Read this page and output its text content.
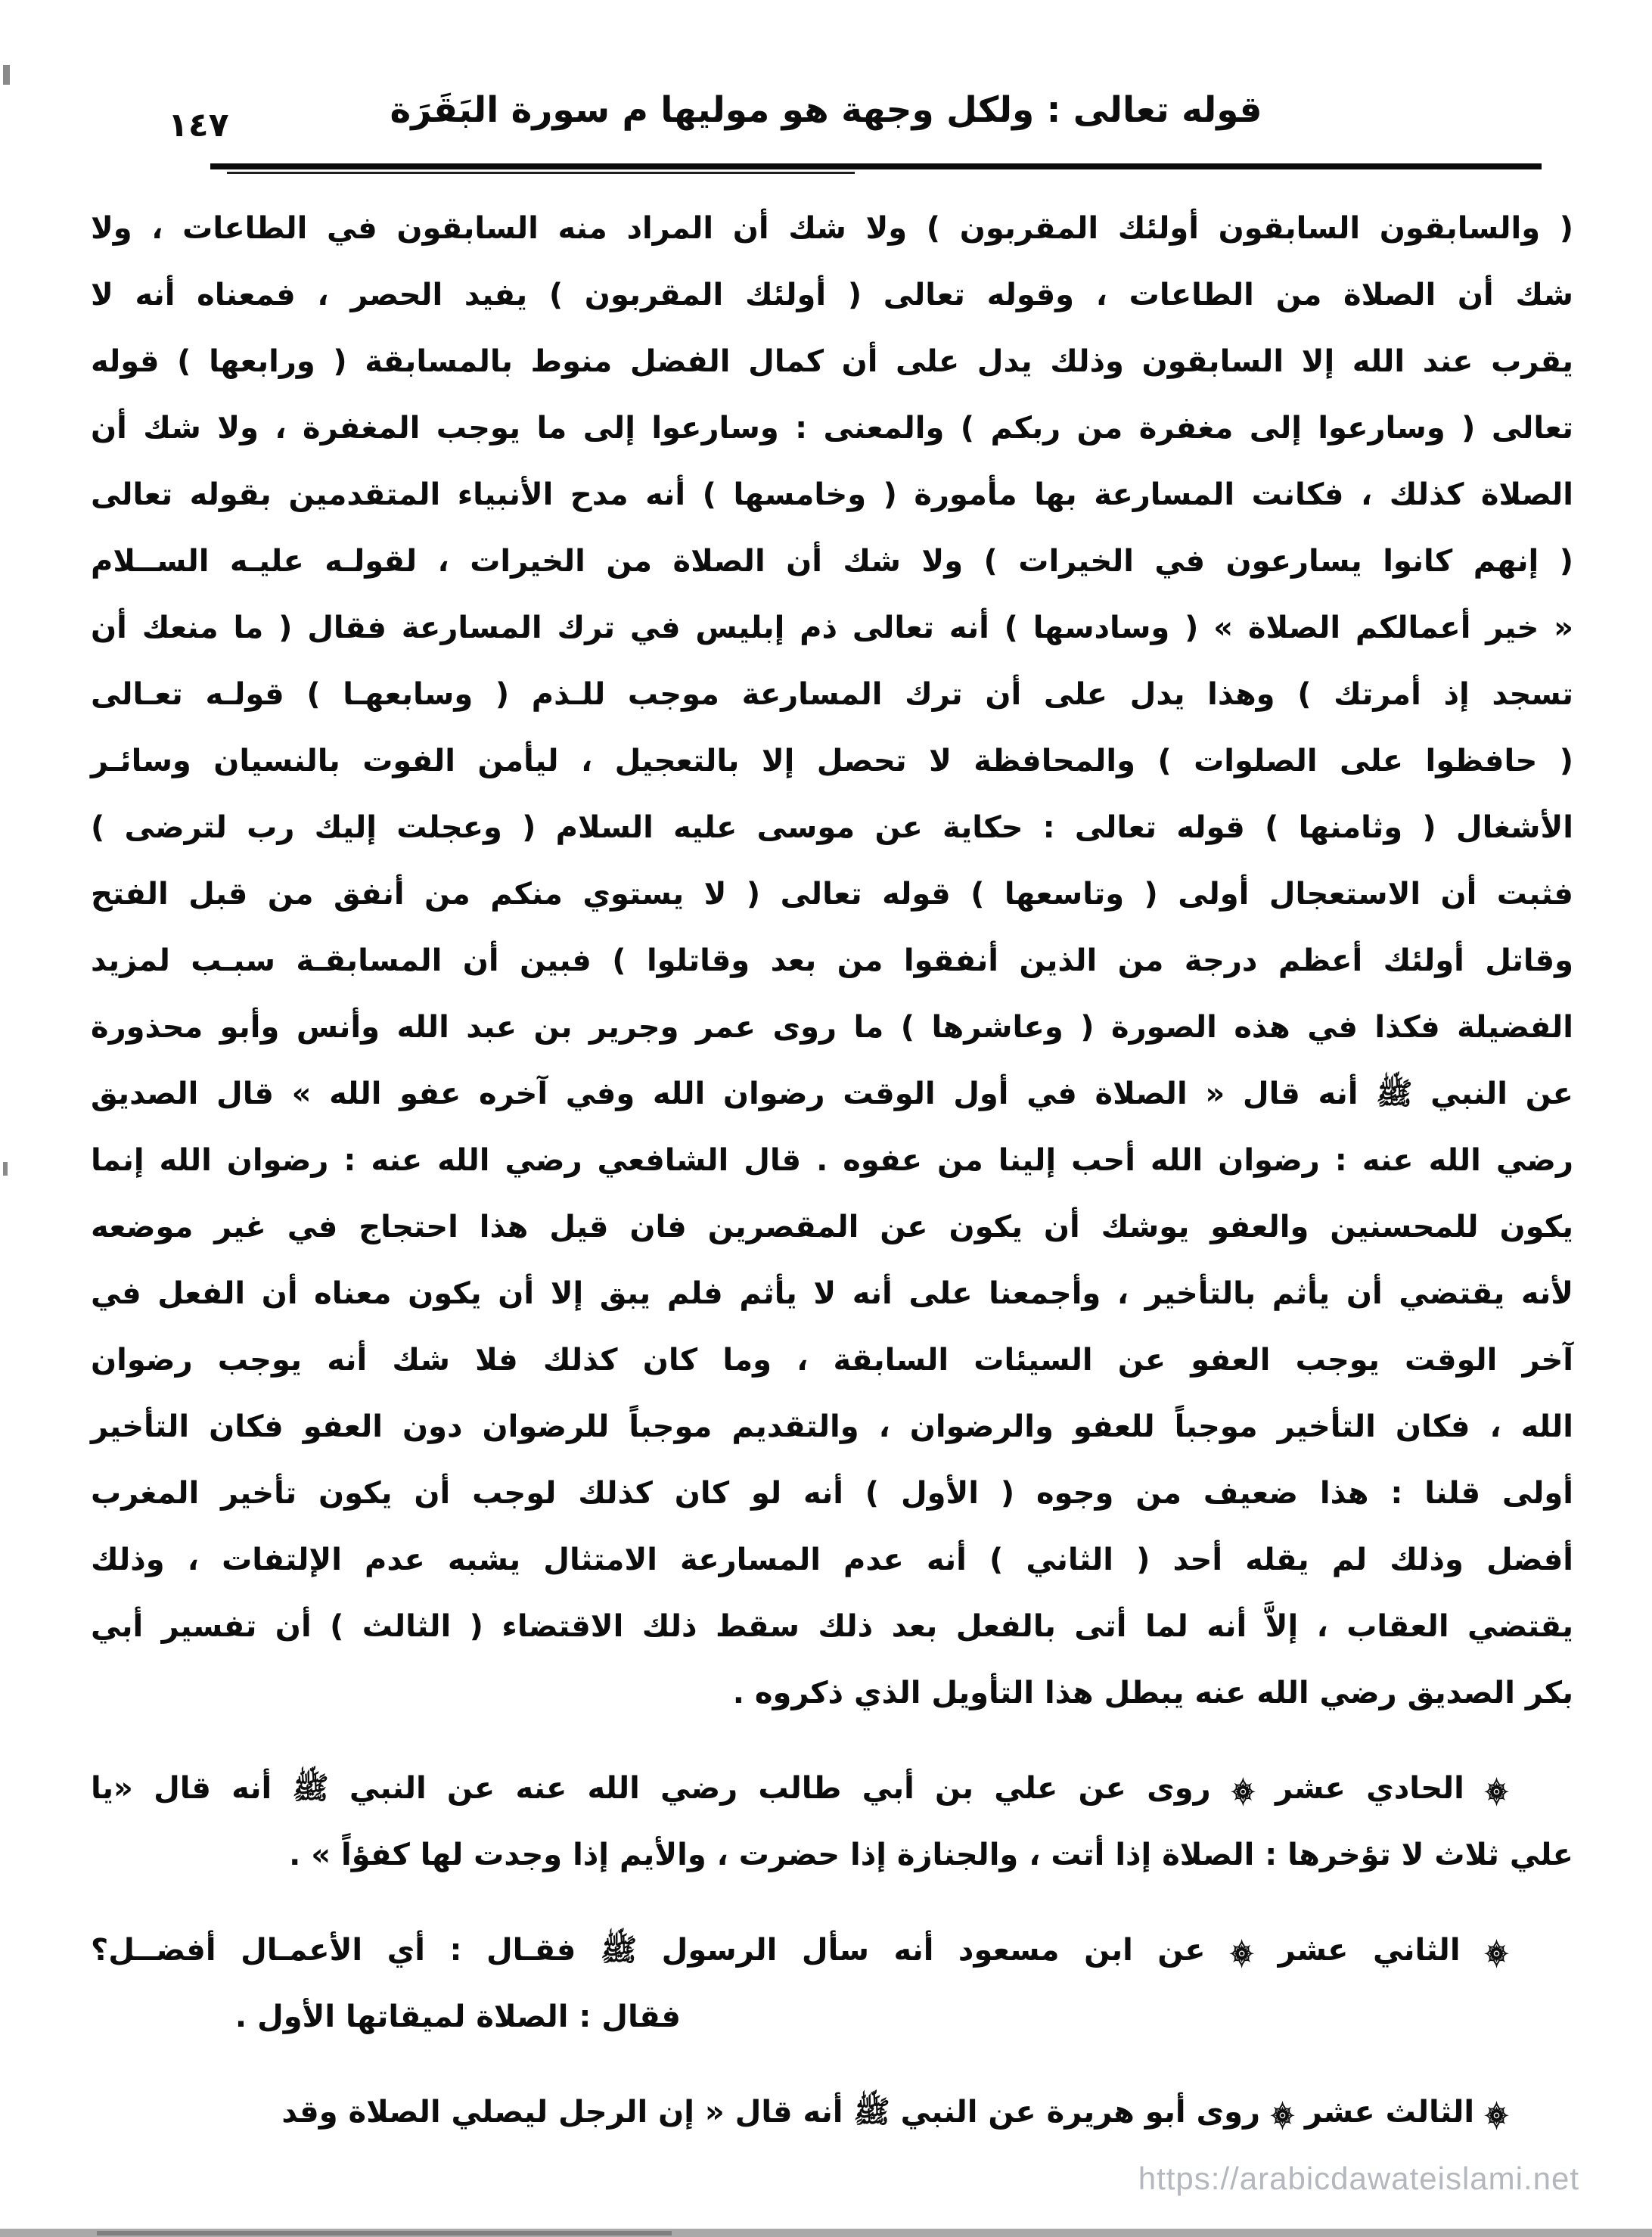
١٤٧	قوله تعالى : ولكل وجهة هو موليها م سورة البَقَرَة
( والسابقون السابقون أولئك المقربون ) ولا شك أن المراد منه السابقون في الطاعات ، ولا
شك أن الصلاة من الطاعات ، وقوله تعالى ( أولئك المقربون ) يفيد الحصر ، فمعناه أنه لا
يقرب عند الله إلا السابقون وذلك يدل على أن كمال الفضل منوط بالمسابقة ( ورابعها ) قوله
تعالى ( وسارعوا إلى مغفرة من ربكم ) والمعنى : وسارعوا إلى ما يوجب المغفرة ، ولا شك أن
الصلاة كذلك ، فكانت المسارعة بها مأمورة ( وخامسها ) أنه مدح الأنبياء المتقدمين بقوله تعالى
( إنهم كانوا يسارعون في الخيرات ) ولا شك أن الصلاة من الخيرات ، لقولـه عليـه الســلام
« خير أعمالكم الصلاة » ( وسادسها ) أنه تعالى ذم إبليس في ترك المسارعة فقال ( ما منعك أن
تسجد إذ أمرتك ) وهذا يدل على أن ترك المسارعة موجب للـذم ( وسابعهـا ) قولـه تعـالى
( حافظوا على الصلوات ) والمحافظة لا تحصل إلا بالتعجيل ، ليأمن الفوت بالنسيان وسائـر
الأشغال ( وثامنها ) قوله تعالى : حكاية عن موسى عليه السلام ( وعجلت إليك رب لترضى )
فثبت أن الاستعجال أولى ( وتاسعها ) قوله تعالى ( لا يستوي منكم من أنفق من قبل الفتح
وقاتل أولئك أعظم درجة من الذين أنفقوا من بعد وقاتلوا ) فبين أن المسابقـة سبـب لمزيد
الفضيلة فكذا في هذه الصورة ( وعاشرها ) ما روى عمر وجرير بن عبد الله وأنس وأبو محذورة
عن النبي ﷺ أنه قال « الصلاة في أول الوقت رضوان الله وفي آخره عفو الله » قال الصديق
رضي الله عنه : رضوان الله أحب إلينا من عفوه . قال الشافعي رضي الله عنه : رضوان الله إنما
يكون للمحسنين والعفو يوشك أن يكون عن المقصرين فان قيل هذا احتجاج في غير موضعه
لأنه يقتضي أن يأثم بالتأخير ، وأجمعنا على أنه لا يأثم فلم يبق إلا أن يكون معناه أن الفعل في
آخر الوقت يوجب العفو عن السيئات السابقة ، وما كان كذلك فلا شك أنه يوجب رضوان
الله ، فكان التأخير موجباً للعفو والرضوان ، والتقديم موجباً للرضوان دون العفو فكان التأخير
أولى قلنا : هذا ضعيف من وجوه ( الأول ) أنه لو كان كذلك لوجب أن يكون تأخير المغرب
أفضل وذلك لم يقله أحد ( الثاني ) أنه عدم المسارعة الامتثال يشبه عدم الإلتفات ، وذلك
يقتضي العقاب ، إلاَّ أنه لما أتى بالفعل بعد ذلك سقط ذلك الاقتضاء ( الثالث ) أن تفسير أبي
بكر الصديق رضي الله عنه يبطل هذا التأويل الذي ذكروه .
۞ الحادي عشر ۞ روى عن علي بن أبي طالب رضي الله عنه عن النبي ﷺ أنه قال «يا
علي ثلاث لا تؤخرها : الصلاة إذا أتت ، والجنازة إذا حضرت ، والأيم إذا وجدت لها كفؤاً » .
۞ الثاني عشر ۞ عن ابن مسعود أنه سأل الرسول ﷺ فقـال : أي الأعمـال أفضــل؟
فقال : الصلاة لميقاتها الأول .
۞ الثالث عشر ۞ روى أبو هريرة عن النبي ﷺ أنه قال « إن الرجل ليصلي الصلاة وقد
https://arabicdawateislami.net
